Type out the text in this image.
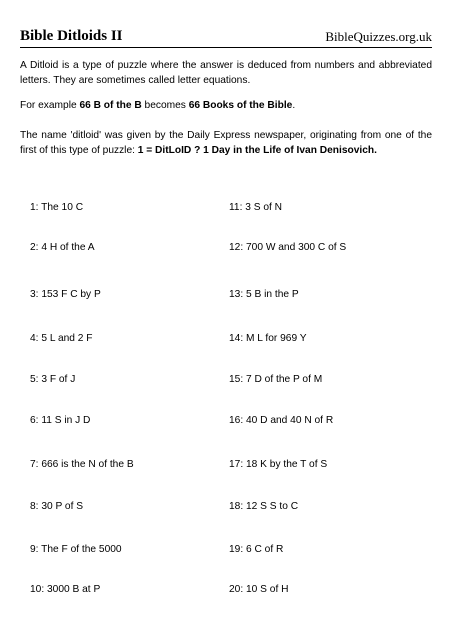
Bible Ditloids II	BibleQuizzes.org.uk
A Ditloid is a type of puzzle where the answer is deduced from numbers and abbreviated letters. They are sometimes called letter equations.
For example 66 B of the B becomes 66 Books of the Bible.
The name 'ditloid' was given by the Daily Express newspaper, originating from one of the first of this type of puzzle: 1 = DitLoID ? 1 Day in the Life of Ivan Denisovich.
1: The 10 C
2: 4 H of the A
3: 153 F C by P
4: 5 L and 2 F
5: 3 F of J
6: 11 S in J D
7: 666 is the N of the B
8: 30 P of S
9: The F of the 5000
10: 3000 B at P
11: 3 S of N
12: 700 W and 300 C of S
13: 5 B in the P
14: M L for 969 Y
15: 7 D of the P of M
16: 40 D and 40 N of R
17: 18 K by the T of S
18: 12 S S to C
19: 6 C of R
20: 10 S of H
